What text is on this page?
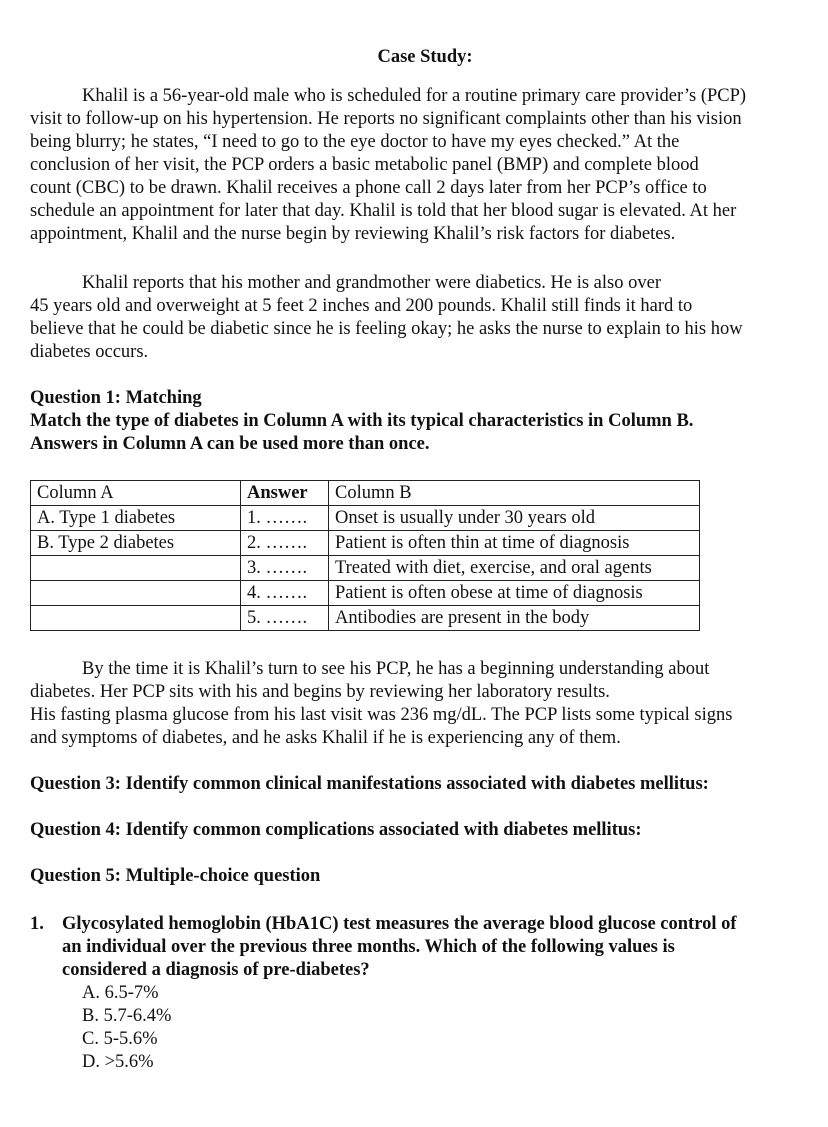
Case Study:
Khalil is a 56-year-old male who is scheduled for a routine primary care provider’s (PCP)
visit to follow-up on his hypertension. He reports no significant complaints other than his vision
being blurry; he states, “I need to go to the eye doctor to have my eyes checked.” At the
conclusion of her visit, the PCP orders a basic metabolic panel (BMP) and complete blood
count (CBC) to be drawn. Khalil receives a phone call 2 days later from her PCP’s office to
schedule an appointment for later that day. Khalil is told that her blood sugar is elevated. At her
appointment, Khalil and the nurse begin by reviewing Khalil’s risk factors for diabetes.
Khalil reports that his mother and grandmother were diabetics. He is also over
45 years old and overweight at 5 feet 2 inches and 200 pounds. Khalil still finds it hard to
believe that he could be diabetic since he is feeling okay; he asks the nurse to explain to his how
diabetes occurs.
Question 1: Matching
Match the type of diabetes in Column A with its typical characteristics in Column B.
Answers in Column A can be used more than once.
Column A	Answer	Column B
A. Type 1 diabetes	1. …….	Onset is usually under 30 years old
B. Type 2 diabetes	2. …….	Patient is often thin at time of diagnosis
	3. …….	Treated with diet, exercise, and oral agents
	4. …….	Patient is often obese at time of diagnosis
	5. …….	Antibodies are present in the body
By the time it is Khalil’s turn to see his PCP, he has a beginning understanding about
diabetes. Her PCP sits with his and begins by reviewing her laboratory results.
His fasting plasma glucose from his last visit was 236 mg/dL. The PCP lists some typical signs
and symptoms of diabetes, and he asks Khalil if he is experiencing any of them.
Question 3: Identify common clinical manifestations associated with diabetes mellitus:
Question 4: Identify common complications associated with diabetes mellitus:
Question 5: Multiple-choice question
1. Glycosylated hemoglobin (HbA1C) test measures the average blood glucose control of
an individual over the previous three months. Which of the following values is
considered a diagnosis of pre-diabetes?
A. 6.5-7%
B. 5.7-6.4%
C. 5-5.6%
D. >5.6%
